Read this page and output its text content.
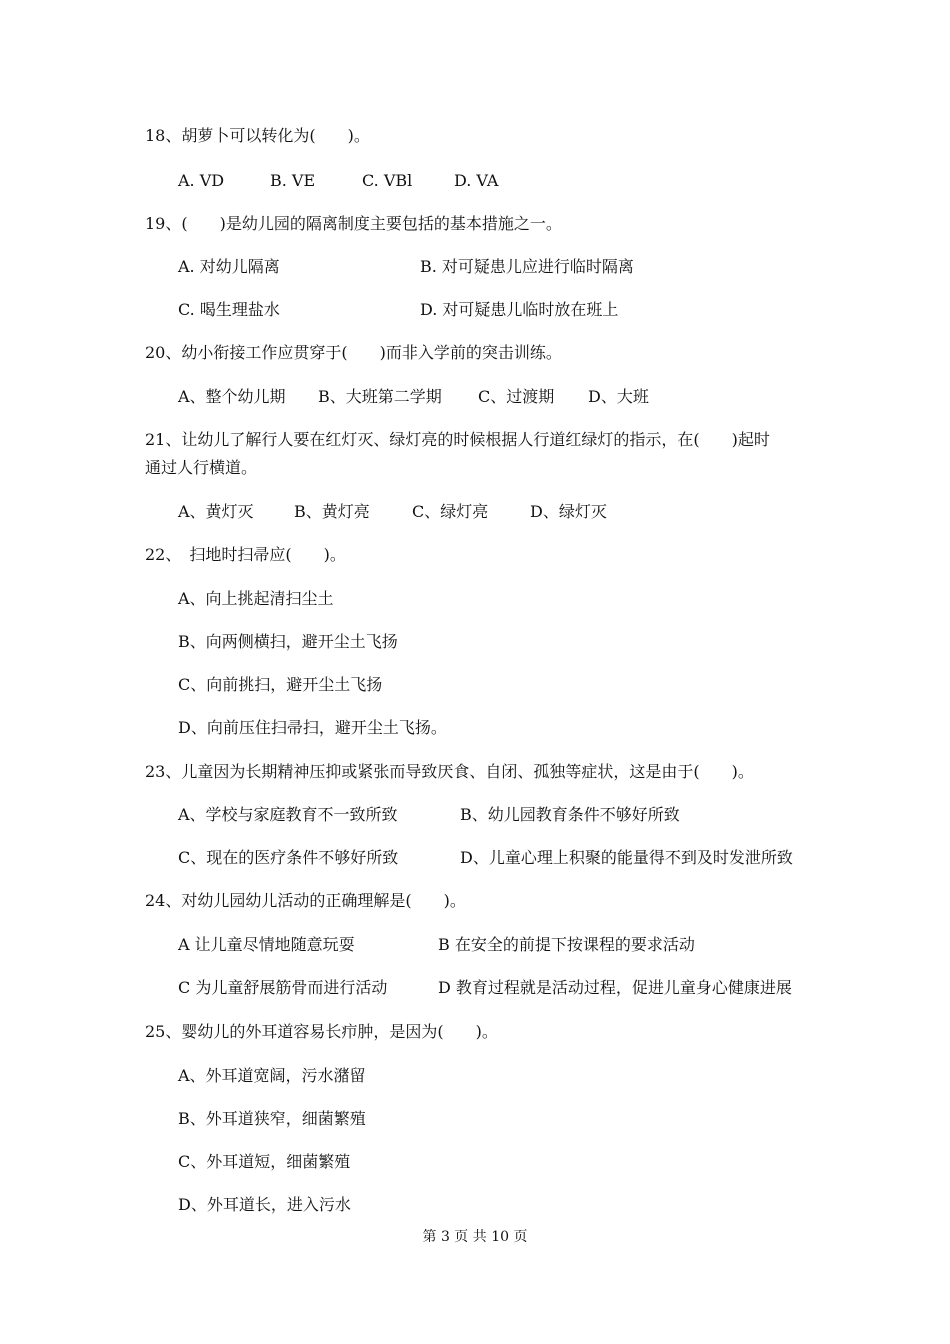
18、胡萝卜可以转化为(　　)。
A. VD	B. VE	C. VBl	D. VA
19、(　　)是幼儿园的隔离制度主要包括的基本措施之一。
A. 对幼儿隔离	B. 对可疑患儿应进行临时隔离
C. 喝生理盐水	D. 对可疑患儿临时放在班上
20、幼小衔接工作应贯穿于(　　)而非入学前的突击训练。
A、整个幼儿期 B、大班第二学期 C、过渡期 D、大班
21、让幼儿了解行人要在红灯灭、绿灯亮的时候根据人行道红绿灯的指示，在(　　)起时
通过人行横道。
A、黄灯灭	B、黄灯亮	C、绿灯亮	D、绿灯灭
22、　扫地时扫帚应(　　)。
A、向上挑起清扫尘土
B、向两侧横扫，避开尘土飞扬
C、向前挑扫，避开尘土飞扬
D、向前压住扫帚扫，避开尘土飞扬。
23、儿童因为长期精神压抑或紧张而导致厌食、自闭、孤独等症状，这是由于(　　)。
A、学校与家庭教育不一致所致	B、幼儿园教育条件不够好所致
C、现在的医疗条件不够好所致	D、儿童心理上积聚的能量得不到及时发泄所致
24、对幼儿园幼儿活动的正确理解是(　　)。
A 让儿童尽情地随意玩耍	B 在安全的前提下按课程的要求活动
C 为儿童舒展筋骨而进行活动	D 教育过程就是活动过程，促进儿童身心健康进展
25、婴幼儿的外耳道容易长疖肿，是因为(　　)。
A、外耳道宽阔，污水潴留
B、外耳道狭窄，细菌繁殖
C、外耳道短，细菌繁殖
D、外耳道长，进入污水
第 3 页 共 10 页
